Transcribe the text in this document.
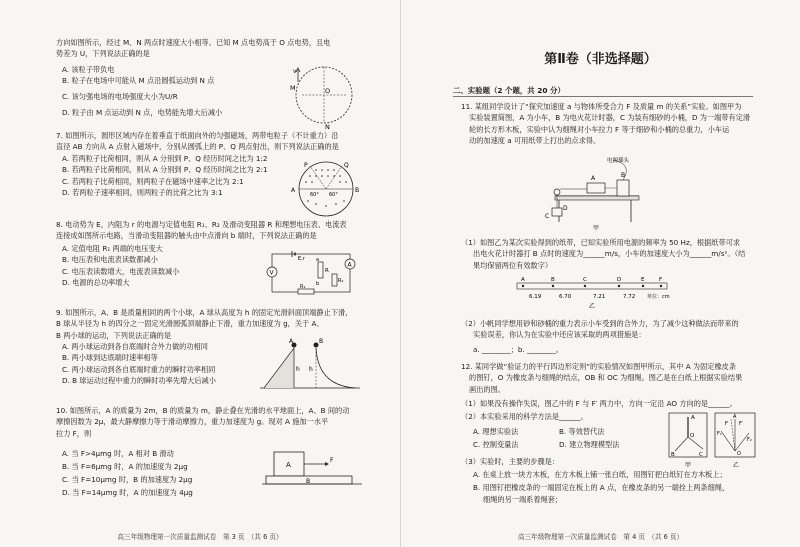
方向如图所示，经过 M、N 两点时速度大小相等。已知 M 点电势高于 O 点电势，且电
势差为 U，下列说法正确的是
A. 该粒子带负电
B. 粒子在电场中可能从 M 点沿圆弧运动到 N 点
C. 该匀强电场的电场强度大小为U/R
D. 粒子由 M 点运动到 N 点，电势能先增大后减小
v
M	O
N
7. 如图所示，圆形区域内存在着垂直于纸面向外的匀强磁场，两带电粒子（不计重力）沿
直径 AB 方向从 A 点射入磁场中，分别从圆弧上的 P、Q 两点射出，则下列说法正确的是
A. 若两粒子比荷相同，则从 A 分别到 P、Q 经历时间之比为 1:2
B. 若两粒子比荷相同，则从 A 分别到 P、Q 经历时间之比为 2:1
C. 若两粒子比荷相同，则两粒子在磁场中速率之比为 2:1
D. 若两粒子速率相同，则两粒子的比荷之比为 3:1
P	Q
A	B
60° 60°
8. 电动势为 E，内阻为 r 的电源与定值电阻 R₁、R₂ 及滑动变阻器 R 和理想电压表、电流表
连接成如图所示电路，当滑动变阻器的触头由中点滑向 b 端时，下列说法正确的是
A. 定值电阻 R₁ 两端的电压变大
B. 电压表和电流表读数都减小
C. 电压表读数增大，电流表读数减小
D. 电源的总功率增大
V
A
E,r
R
a
b	R₂
R₁
9. 如图所示，A、B 是质量相同的两个小球，A 球从高度为 h 的固定光滑斜面顶端静止下滑，
B 球从半径为 h 的四分之一固定光滑圆弧顶端静止下滑，重力加速度为 g，关于 A、
B 两小球的运动，下列说法正确的是
A. 两小球运动到各自底端时合外力做的功相同
B. 两小球到达底端时速率相等
C. 两小球运动到各自底端时重力的瞬时功率相同
D. B 球运动过程中重力的瞬时功率先增大后减小
A
h
B
h
10. 如图所示，A 的质量为 2m，B 的质量为 m，静止叠在光滑的水平地面上，A、B 间的动
摩擦因数为 2μ，最大静摩擦力等于滑动摩擦力，重力加速度为 g。现对 A 施加一水平
拉力 F，则
A. 当 F>4μmg 时，A 相对 B 滑动
B. 当 F=6μmg 时，A 的加速度为 2μg
C. 当 F=10μmg 时，B 的加速度为 2μg
D. 当 F=14μmg 时，A 的加速度为 4μg
A
F
B
高三年级物理第一次质量监测试卷　第 3 页　（共 6 页）
第Ⅱ卷（非选择题）
二、实验题（2 个题，共 20 分）
11. 某组同学设计了“探究加速度 a 与物体所受合力 F 及质量 m 的关系”实验。如图甲为
实验装置简图，A 为小车，B 为电火花计时器，C 为装有细砂的小桶，D 为一端带有定滑
轮的长方形木板，实验中认为细绳对小车拉力 F 等于细砂和小桶的总重力，小车运
动的加速度 a 可用纸带上打出的点求得。
电源插头
A	B
C
D
甲
（1）如图乙为某次实验得到的纸带，已知实验所用电源的频率为 50 Hz，根据纸带可求
出电火花计时器打 B 点时的速度为______m/s，小车的加速度大小为______m/s²。（结
果均保留两位有效数字）
A	B	C	D	E	F
6.19	6.70	7.21	7.72 单位：cm
乙
（2）小帆同学想用砂和砂桶的重力表示小车受到的合外力，为了减少这种做法而带来的
实验误差，你认为在实验中还应该采取的两项措施是：
a. ________；b. ________。
12. 某同学做“验证力的平行四边形定则”的实验情况如图甲所示，其中 A 为固定橡皮条
的图钉，O 为橡皮条与细绳的结点，OB 和 OC 为细绳。图乙是在白纸上根据实验结果
画出的图。
（1）如果没有操作失误，图乙中的 F 与 F′ 两力中，方向一定沿 AO 方向的是______。
（2）本实验采用的科学方法是______。
A. 理想实验法	B. 等效替代法
C. 控制变量法	D. 建立物理模型法
A
O
B	C
甲
A
O
F₁
F₂
F F′
乙
（3）实验时，主要的步骤是：
A. 在桌上放一块方木板，在方木板上铺一张白纸，用图钉把白纸钉在方木板上；
B. 用图钉把橡皮条的一端固定在板上的 A 点，在橡皮条的另一端拴上两条细绳，
细绳的另一端系着绳套；
高三年级物理第一次质量监测试卷　第 4 页　（共 6 页）
